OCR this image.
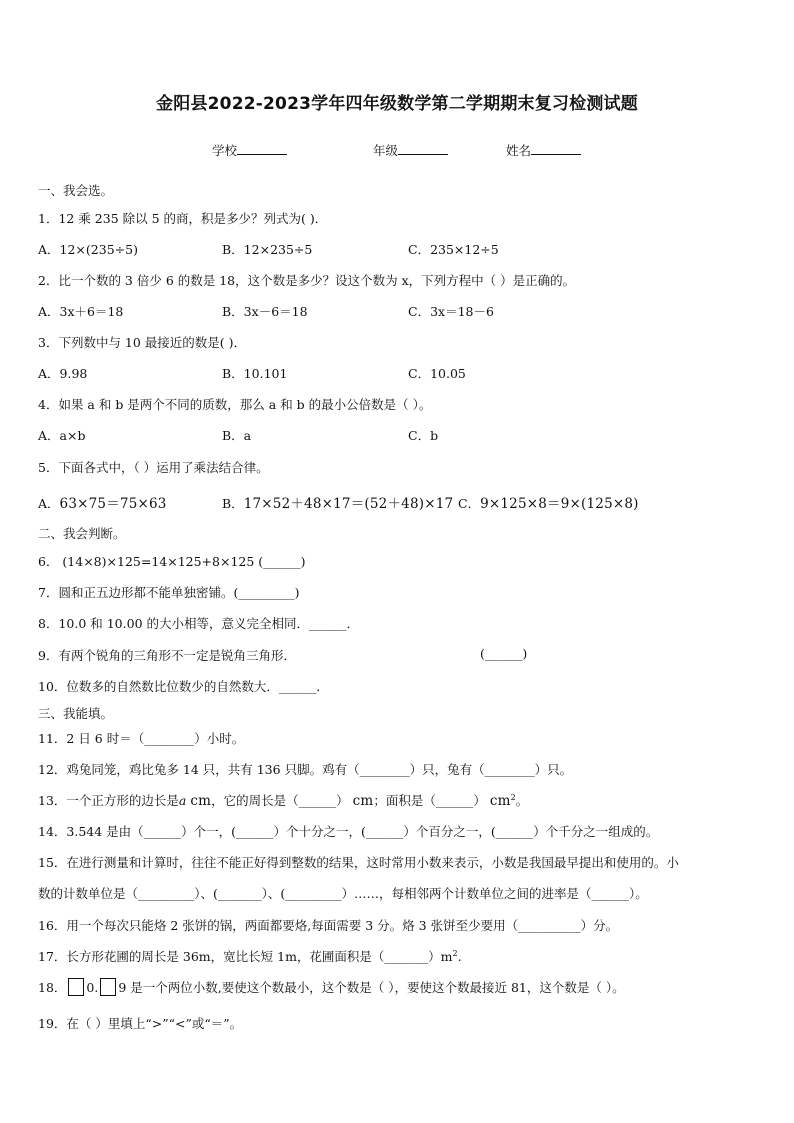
金阳县2022-2023学年四年级数学第二学期期末复习检测试题
学校	年级	姓名
一、我会选。
1．12 乘 235 除以 5 的商，积是多少？列式为( )．
A．12×(235÷5)	B．12×235÷5	C．235×12÷5
2．比一个数的 3 倍少 6 的数是 18，这个数是多少？设这个数为 x，下列方程中（ ）是正确的。
A．3x＋6＝18	B．3x－6＝18	C．3x＝18－6
3．下列数中与 10 最接近的数是( )．
A．9.98	B．10.101	C．10.05
4．如果 a 和 b 是两个不同的质数，那么 a 和 b 的最小公倍数是（ ）。
A．a×b	B．a	C．b
5．下面各式中，（ ）运用了乘法结合律。
A．63×75＝75×63	B．17×52＋48×17＝(52＋48)×17 C．9×125×8＝9×(125×8)
二、我会判断。
6． (14×8)×125=14×125+8×125 (______)
7．圆和正五边形都不能单独密铺。(_________)
8．10.0 和 10.00 的大小相等，意义完全相同．______．
9．有两个锐角的三角形不一定是锐角三角形．	(______)
10．位数多的自然数比位数少的自然数大．______．
三、我能填。
11．2 日 6 时＝（________）小时。
12．鸡兔同笼，鸡比兔多 14 只，共有 136 只脚。鸡有（________）只，兔有（________）只。
13．一个正方形的边长是a cm，它的周长是（______） cm；面积是（______） $cm^2$。
14．3.544 是由（______）个一，(______）个十分之一，(______）个百分之一，(______）个千分之一组成的。
15．在进行测量和计算时，往往不能正好得到整数的结果，这时常用小数来表示，小数是我国最早提出和使用的。小
数的计数单位是（_________）、(_______）、(_________）……，每相邻两个计数单位之间的进率是（______）。
16．用一个每次只能烙 2 张饼的锅，两面都要烙,每面需要 3 分。烙 3 张饼至少要用（__________）分。
17．长方形花圃的周长是 36m，宽比长短 1m，花圃面积是$(\_\_\_\_\_\_\_)m^2$.
18． 0. 9 是一个两位小数,要使这个数最小，这个数是（ ），要使这个数最接近 81，这个数是（ ）。
19．在（ ）里填上“>”“<”或“＝”。
